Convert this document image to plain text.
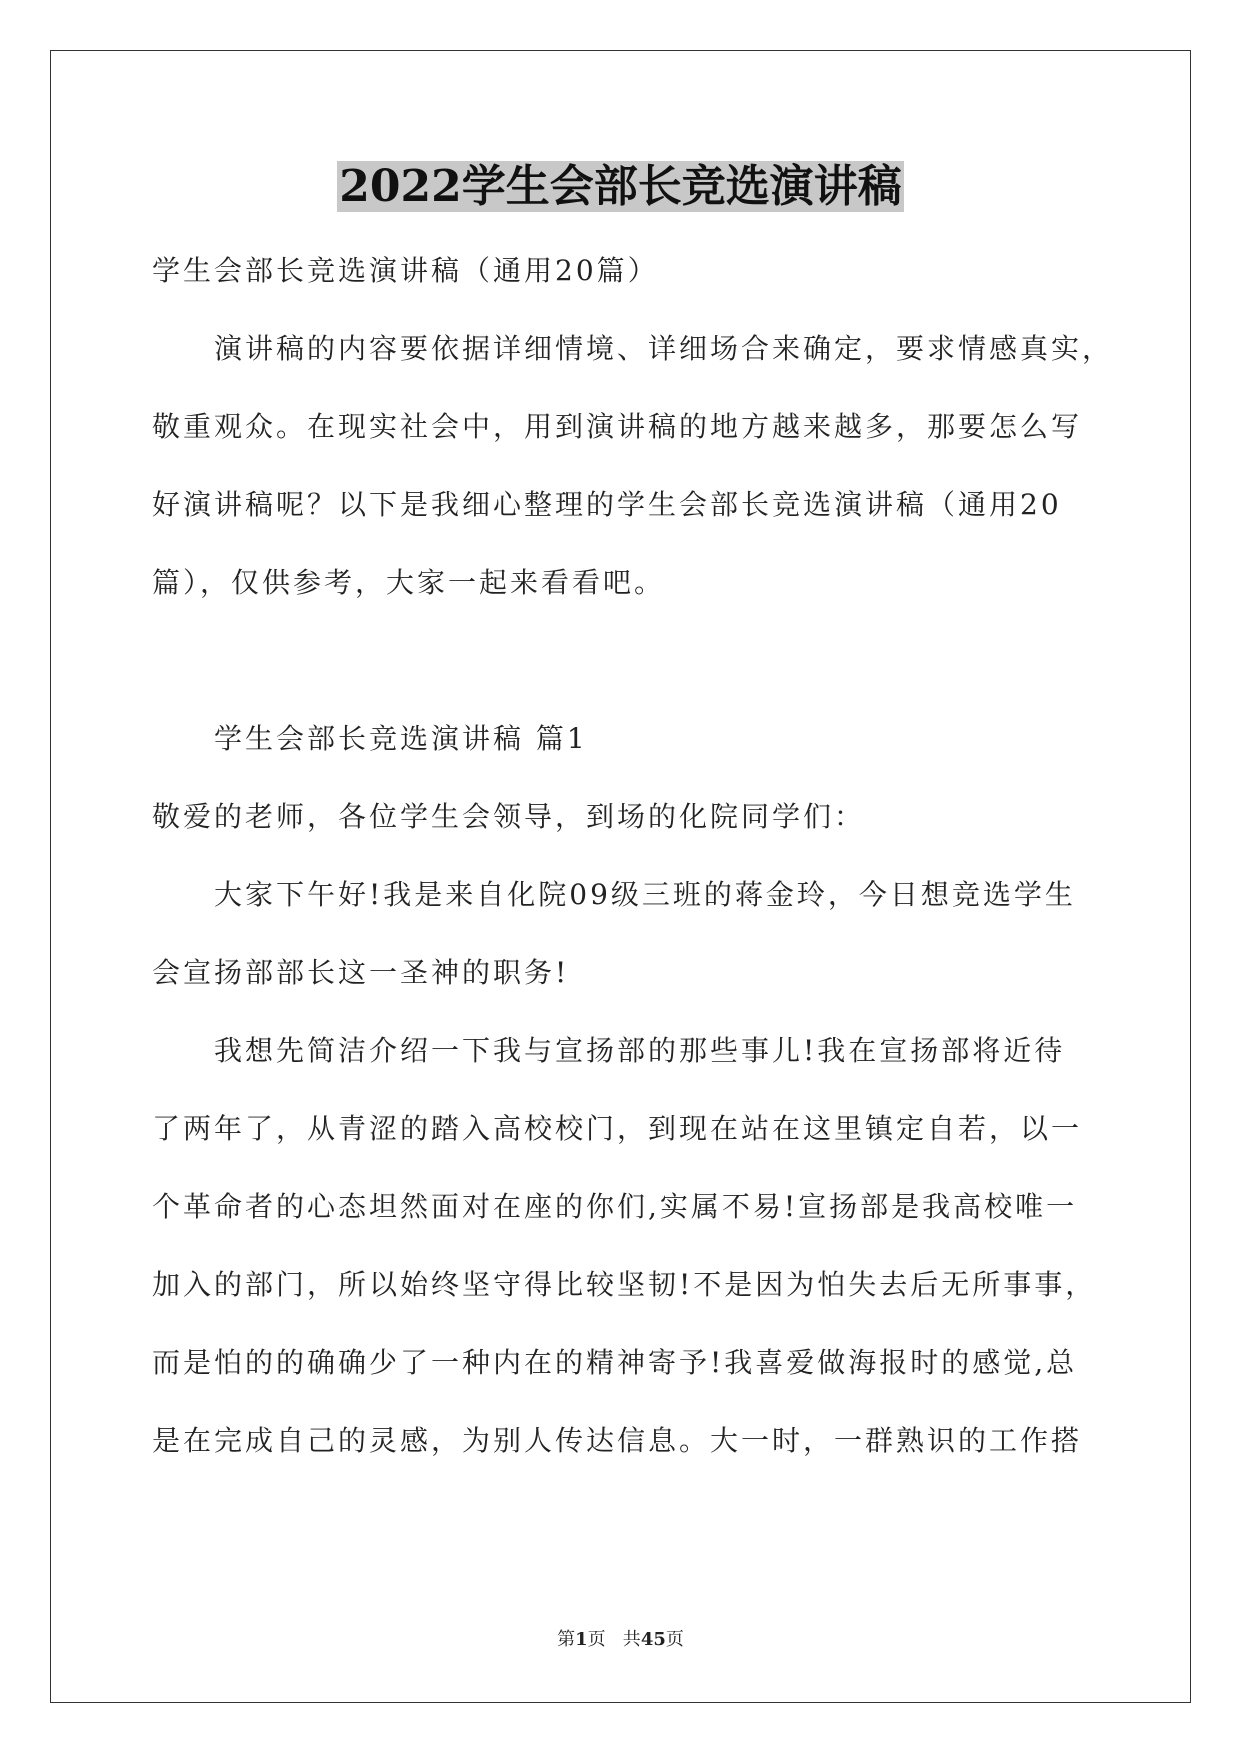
2022学生会部长竞选演讲稿
学生会部长竞选演讲稿（通用20篇）
演讲稿的内容要依据详细情境、详细场合来确定，要求情感真实，
敬重观众。在现实社会中，用到演讲稿的地方越来越多，那要怎么写
好演讲稿呢？以下是我细心整理的学生会部长竞选演讲稿（通用20
篇），仅供参考，大家一起来看看吧。
学生会部长竞选演讲稿 篇1
敬爱的老师，各位学生会领导，到场的化院同学们：
大家下午好!我是来自化院09级三班的蒋金玲，今日想竞选学生
会宣扬部部长这一圣神的职务!
我想先简洁介绍一下我与宣扬部的那些事儿!我在宣扬部将近待
了两年了，从青涩的踏入高校校门，到现在站在这里镇定自若，以一
个革命者的心态坦然面对在座的你们,实属不易!宣扬部是我高校唯一
加入的部门，所以始终坚守得比较坚韧!不是因为怕失去后无所事事，
而是怕的的确确少了一种内在的精神寄予!我喜爱做海报时的感觉,总
是在完成自己的灵感，为别人传达信息。大一时，一群熟识的工作搭
第1页   共45页
